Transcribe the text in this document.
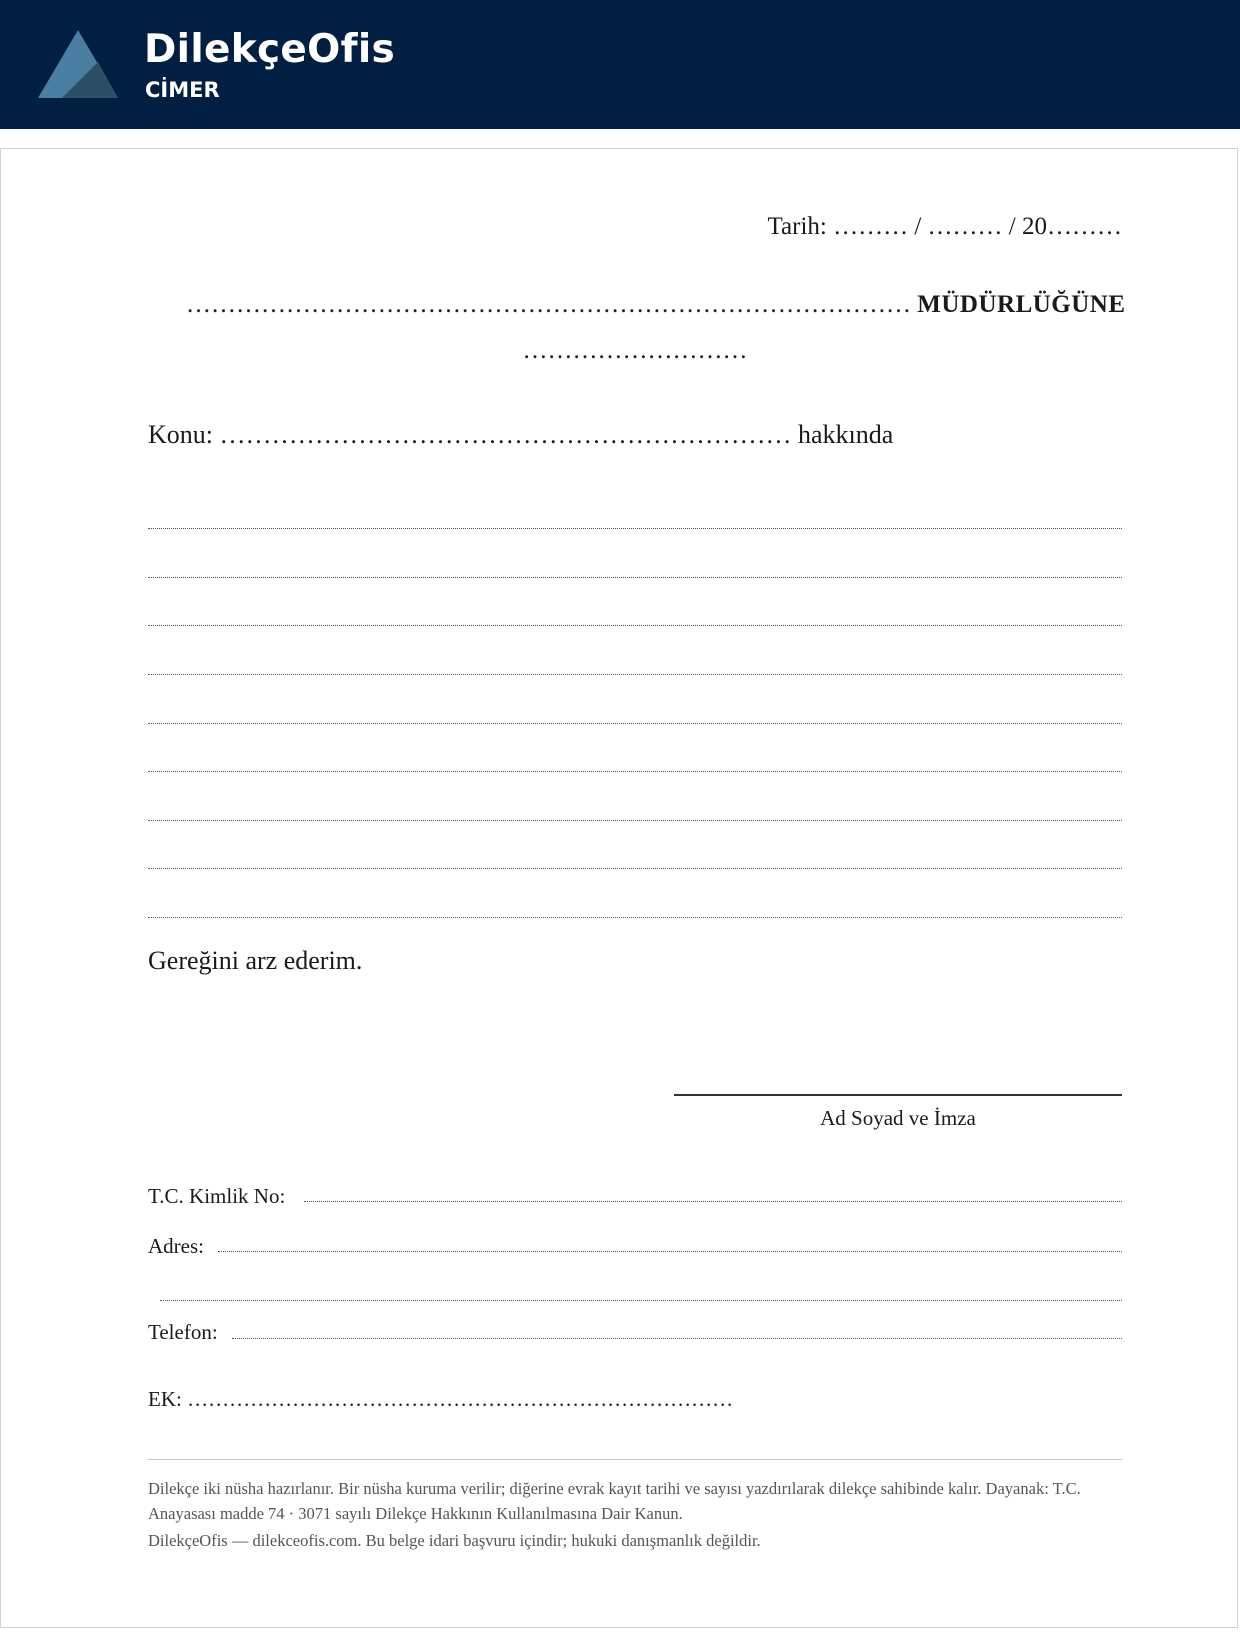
DilekçeOfis
CİMER
Tarih: ……… / ……… / 20………
…………………………………………………………………………… MÜDÜRLÜĞÜNE
………………………
Konu: ………………………………………………………… hakkında
Gereğini arz ederim.
Ad Soyad ve İmza
T.C. Kimlik No:
Adres:
Telefon:
EK: ……………………………………………………………………
Dilekçe iki nüsha hazırlanır. Bir nüsha kuruma verilir; diğerine evrak kayıt tarihi ve sayısı yazdırılarak dilekçe sahibinde kalır. Dayanak: T.C. Anayasası madde 74 · 3071 sayılı Dilekçe Hakkının Kullanılmasına Dair Kanun.
DilekçeOfis — dilekceofis.com. Bu belge idari başvuru içindir; hukuki danışmanlık değildir.
